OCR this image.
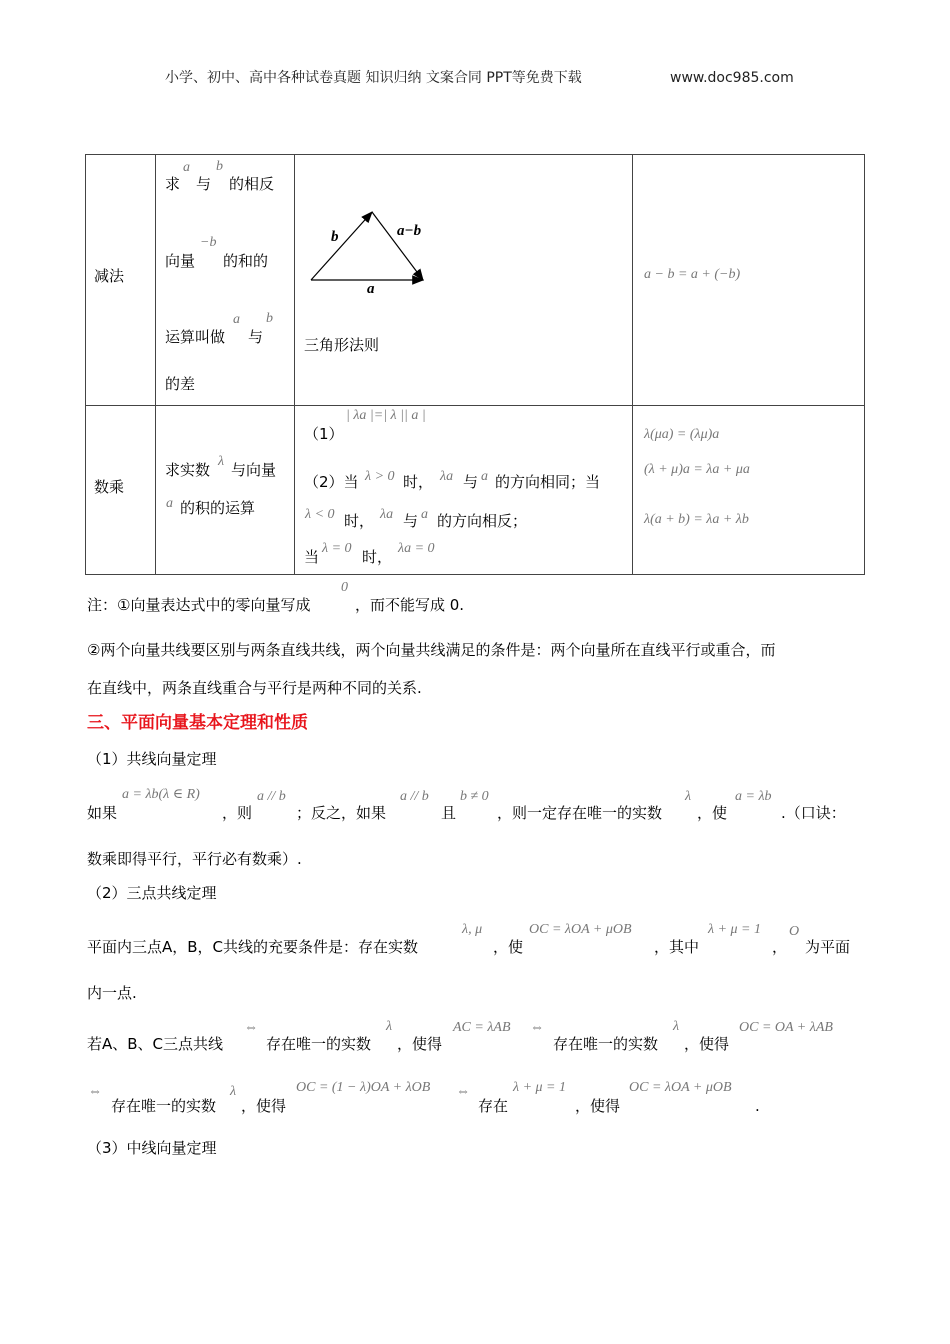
小学、初中、高中各种试卷真题 知识归纳 文案合同 PPT等免费下载	www.doc985.com
减法
求
a
与
b
的相反
向量
−b
的和的
运算叫做
a
与
b
的差
b	a−b
a
三角形法则
a − b = a + (−b)
数乘
求实数 λ 与向量
a 的积的运算
（1）
| λa |=| λ || a |
（2）当 λ > 0 时， λa 与 a 的方向相同；当
λ < 0 时， λa 与 a 的方向相反；
当 λ = 0 时， λa = 0
λ(μa) = (λμ)a
(λ + μ)a = λa + μa
λ(a + b) = λa + λb
注：①向量表达式中的零向量写成
0
，而不能写成 0.
②两个向量共线要区别与两条直线共线，两个向量共线满足的条件是：两个向量所在直线平行或重合，而
在直线中，两条直线重合与平行是两种不同的关系.
三、平面向量基本定理和性质
（1）共线向量定理
如果
a = λb(λ ∈ R)
，则
a // b
；反之，如果
a // b
且
b ≠ 0
，则一定存在唯一的实数
λ
，使
a = λb
.（口诀：
数乘即得平行，平行必有数乘）.
（2）三点共线定理
平面内三点A，B，C共线的充要条件是：存在实数
λ, μ
，使
OC = λOA + μOB
，其中
λ + μ = 1
，
O
为平面
内一点.
若A、B、C三点共线
⇔
存在唯一的实数
λ
，使得
AC = λAB ⇔
存在唯一的实数
λ
，使得
OC = OA + λAB
⇔
存在唯一的实数
λ
，使得
OC = (1 − λ)OA + λOB ⇔
存在
λ + μ = 1
，使得
OC = λOA + μOB
.
（3）中线向量定理
